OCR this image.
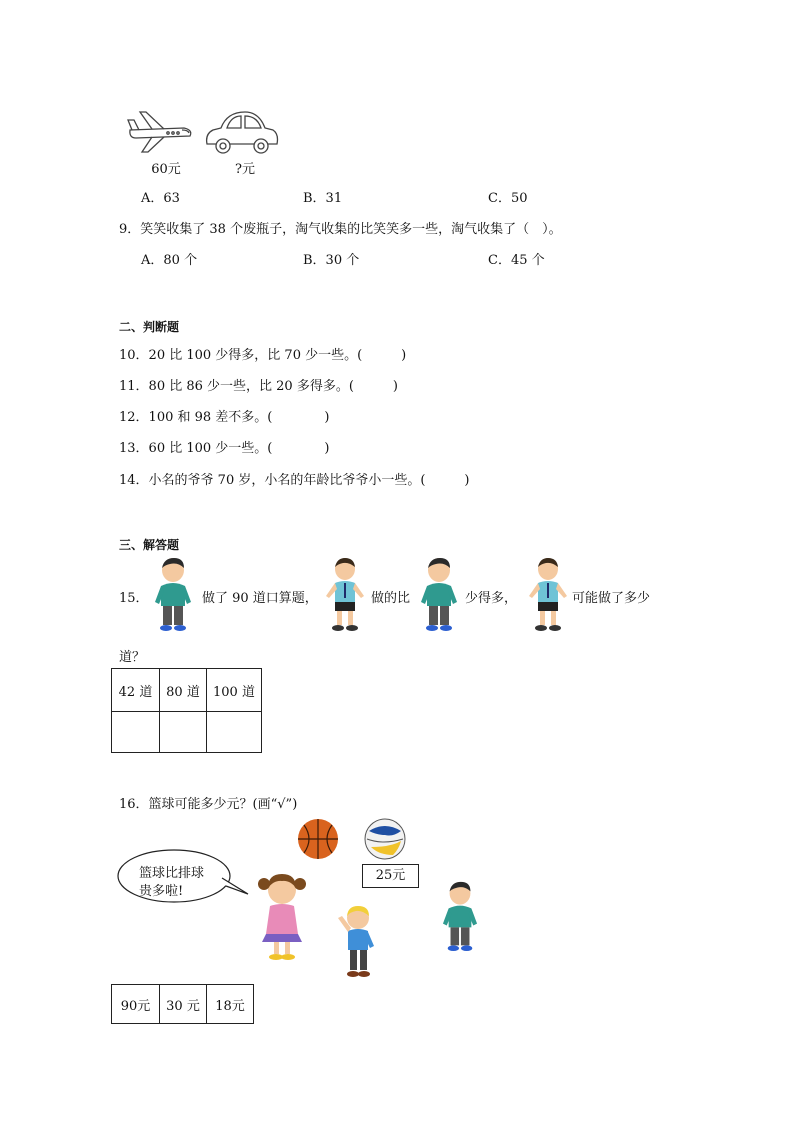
60元	?元
A．63	B．31	C．50
9．笑笑收集了 38 个废瓶子，淘气收集的比笑笑多一些，淘气收集了（　）。
A．80 个	B．30 个	C．45 个
二、判断题
10．20 比 100 少得多，比 70 少一些。(　　　)
11．80 比 86 少一些，比 20 多得多。(　　　)
12．100 和 98 差不多。(　　　　)
13．60 比 100 少一些。(　　　　)
14．小名的爷爷 70 岁，小名的年龄比爷爷小一些。(　　　)
三、解答题
15．	做了 90 道口算题，	做的比	少得多，	可能做了多少
道？
42 道	80 道	100 道

16．篮球可能多少元？(画“√”)
25元
篮球比排球
贵多啦!
90元	30 元	18元
